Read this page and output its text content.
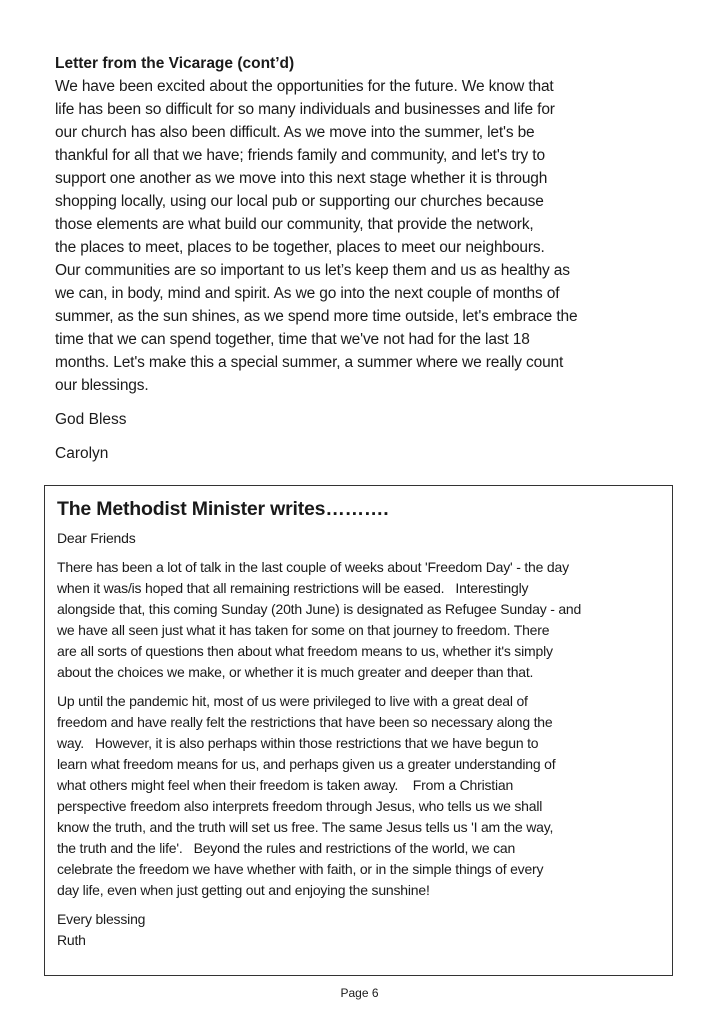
Letter from the Vicarage (cont’d)
We have been excited about the opportunities for the future. We know that
life has been so difficult for so many individuals and businesses and life for
our church has also been difficult. As we move into the summer, let's be
thankful for all that we have; friends family and community, and let's try to
support one another as we move into this next stage whether it is through
shopping locally, using our local pub or supporting our churches because
those elements are what build our community, that provide the network,
the places to meet, places to be together, places to meet our neighbours.
Our communities are so important to us let’s keep them and us as healthy as
we can, in body, mind and spirit. As we go into the next couple of months of
summer, as the sun shines, as we spend more time outside, let's embrace the
time that we can spend together, time that we've not had for the last 18
months. Let's make this a special summer, a summer where we really count
our blessings.
God Bless
Carolyn
The Methodist Minister writes……….
Dear Friends
There has been a lot of talk in the last couple of weeks about 'Freedom Day' - the day
when it was/is hoped that all remaining restrictions will be eased.   Interestingly
alongside that, this coming Sunday (20th June) is designated as Refugee Sunday - and
we have all seen just what it has taken for some on that journey to freedom. There
are all sorts of questions then about what freedom means to us, whether it's simply
about the choices we make, or whether it is much greater and deeper than that.
Up until the pandemic hit, most of us were privileged to live with a great deal of
freedom and have really felt the restrictions that have been so necessary along the
way.   However, it is also perhaps within those restrictions that we have begun to
learn what freedom means for us, and perhaps given us a greater understanding of
what others might feel when their freedom is taken away.    From a Christian
perspective freedom also interprets freedom through Jesus, who tells us we shall
know the truth, and the truth will set us free. The same Jesus tells us 'I am the way,
the truth and the life'.   Beyond the rules and restrictions of the world, we can
celebrate the freedom we have whether with faith, or in the simple things of every
day life, even when just getting out and enjoying the sunshine!
Every blessing
Ruth
Page 6
